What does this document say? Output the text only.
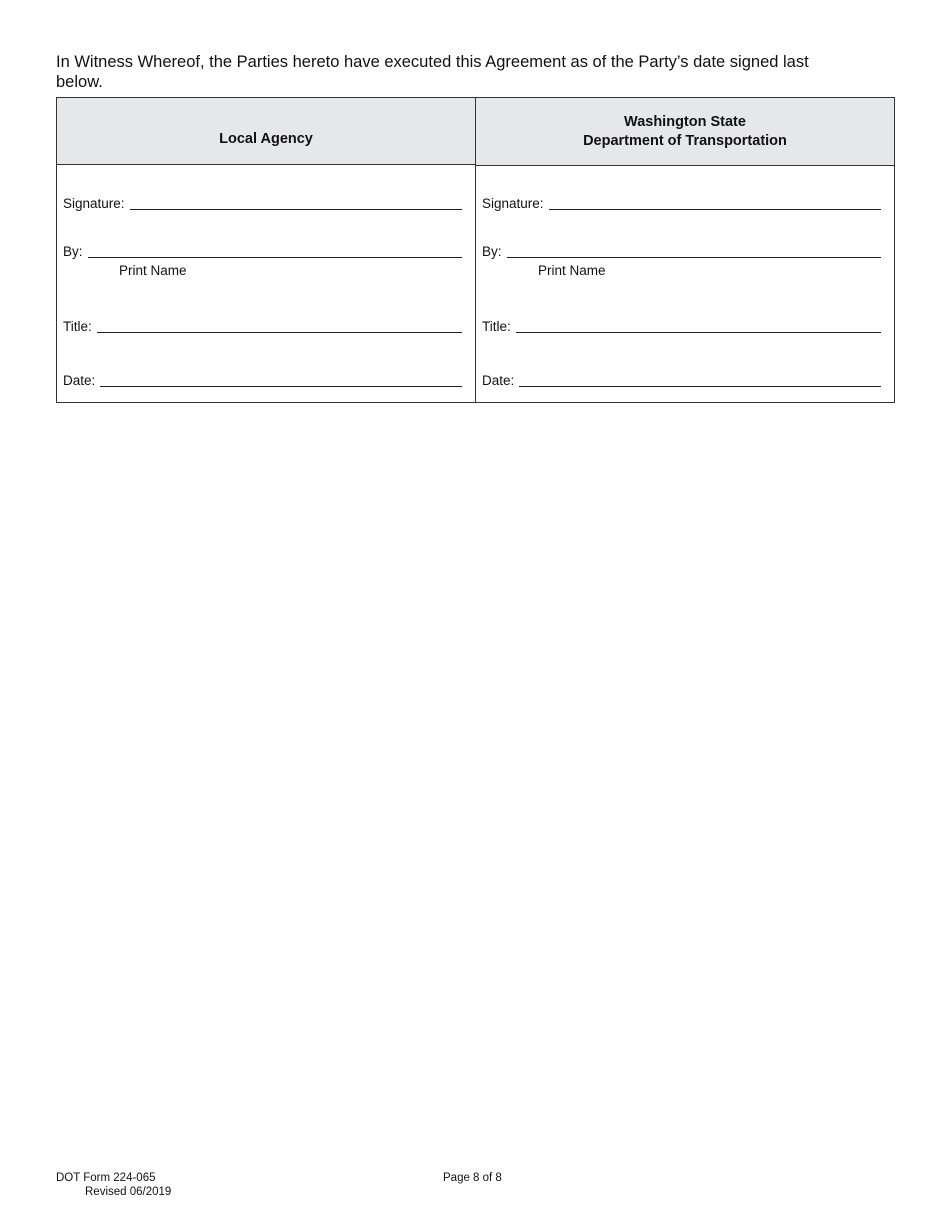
In Witness Whereof, the Parties hereto have executed this Agreement as of the Party’s date signed last below.

Local Agency
Signature:
By:
Print Name
Title:
Date:
Washington State
Department of Transportation
Signature:
By:
Print Name
Title:
Date:
DOT Form 224-065
Revised 06/2019
Page 8 of 8
